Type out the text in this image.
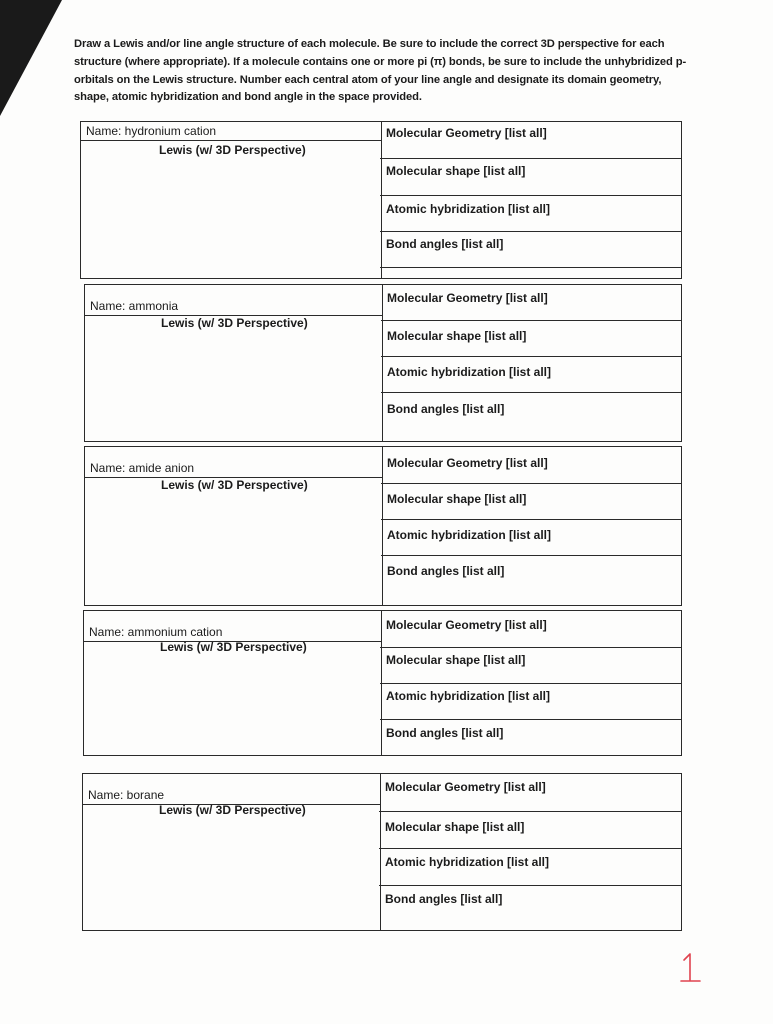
Draw a Lewis and/or line angle structure of each molecule. Be sure to include the correct 3D perspective for each structure (where appropriate). If a molecule contains one or more pi (π) bonds, be sure to include the unhybridized p-orbitals on the Lewis structure. Number each central atom of your line angle and designate its domain geometry, shape, atomic hybridization and bond angle in the space provided.
Name: hydronium cation
Lewis (w/ 3D Perspective)
Molecular Geometry [list all]
Molecular shape [list all]
Atomic hybridization [list all]
Bond angles [list all]
Name: ammonia
Lewis (w/ 3D Perspective)
Molecular Geometry [list all]
Molecular shape [list all]
Atomic hybridization [list all]
Bond angles [list all]
Name: amide anion
Lewis (w/ 3D Perspective)
Molecular Geometry [list all]
Molecular shape [list all]
Atomic hybridization [list all]
Bond angles [list all]
Name: ammonium cation
Lewis (w/ 3D Perspective)
Molecular Geometry [list all]
Molecular shape [list all]
Atomic hybridization [list all]
Bond angles [list all]
Name: borane
Lewis (w/ 3D Perspective)
Molecular Geometry [list all]
Molecular shape [list all]
Atomic hybridization [list all]
Bond angles [list all]
1
